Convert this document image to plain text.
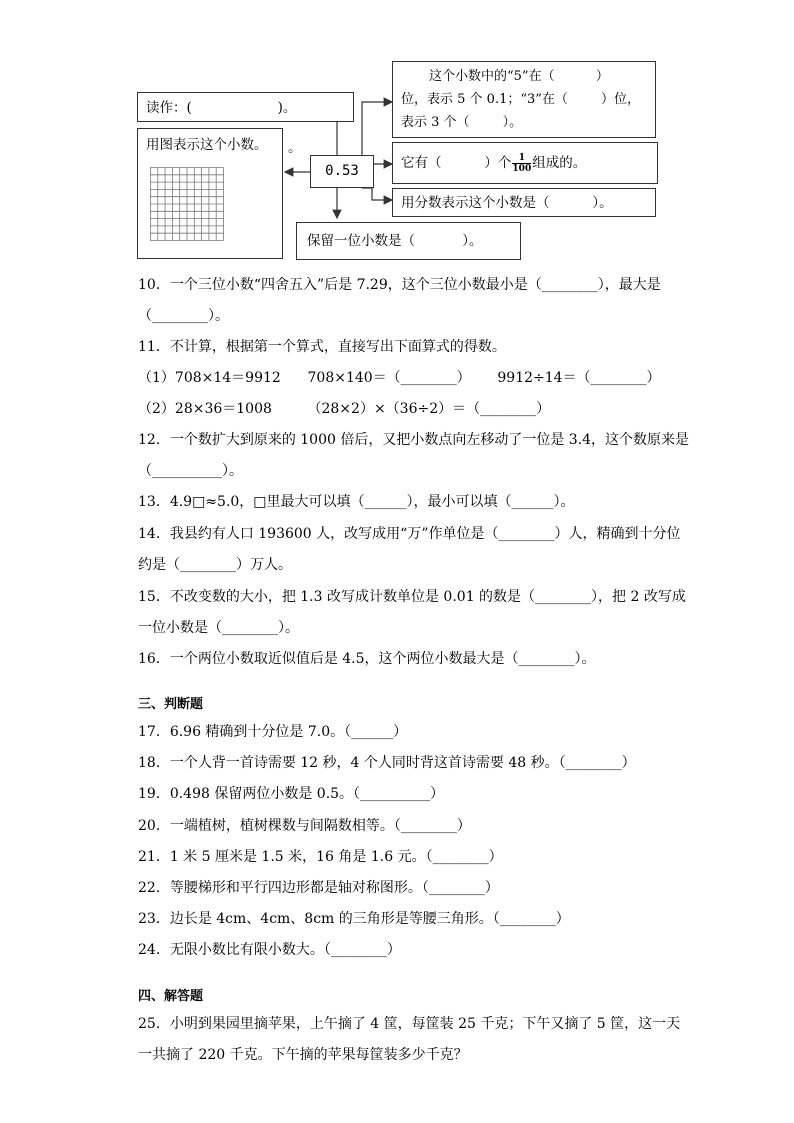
读作：(                    )。
用图表示这个小数。	。
0.53
这个小数中的“5”在（          ）
位，表示 5 个 0.1；“3”在（        ）位，
表示 3 个（        ）。
它有（          ）个 $\frac{1}{100}$ 组成的。
用分数表示这个小数是（          ）。
保留一位小数是（           ）。
10．一个三位小数“四舍五入”后是 7.29，这个三位小数最小是（________），最大是
（________）。
11．不计算，根据第一个算式，直接写出下面算式的得数。
（1）708×14＝9912      708×140＝（________）      9912÷14＝（________）
（2）28×36＝1008        （28×2）×（36÷2）＝（________）
12．一个数扩大到原来的 1000 倍后，又把小数点向左移动了一位是 3.4，这个数原来是
（__________）。
13．4.9□≈5.0，□里最大可以填（______），最小可以填（______）。
14．我县约有人口 193600 人，改写成用“万”作单位是（________）人，精确到十分位
约是（________）万人。
15．不改变数的大小，把 1.3 改写成计数单位是 0.01 的数是（________），把 2 改写成
一位小数是（________）。
16．一个两位小数取近似值后是 4.5，这个两位小数最大是（________）。
三、判断题
17．6.96 精确到十分位是 7.0。（______）
18．一个人背一首诗需要 12 秒，4 个人同时背这首诗需要 48 秒。（________）
19．0.498 保留两位小数是 0.5。（__________）
20．一端植树，植树棵数与间隔数相等。（________）
21．1 米 5 厘米是 1.5 米，16 角是 1.6 元。（________）
22．等腰梯形和平行四边形都是轴对称图形。（________）
23．边长是 4cm、4cm、8cm 的三角形是等腰三角形。（________）
24．无限小数比有限小数大。（________）
四、解答题
25．小明到果园里摘苹果，上午摘了 4 筐，每筐装 25 千克；下午又摘了 5 筐，这一天
一共摘了 220 千克。下午摘的苹果每筐装多少千克？
